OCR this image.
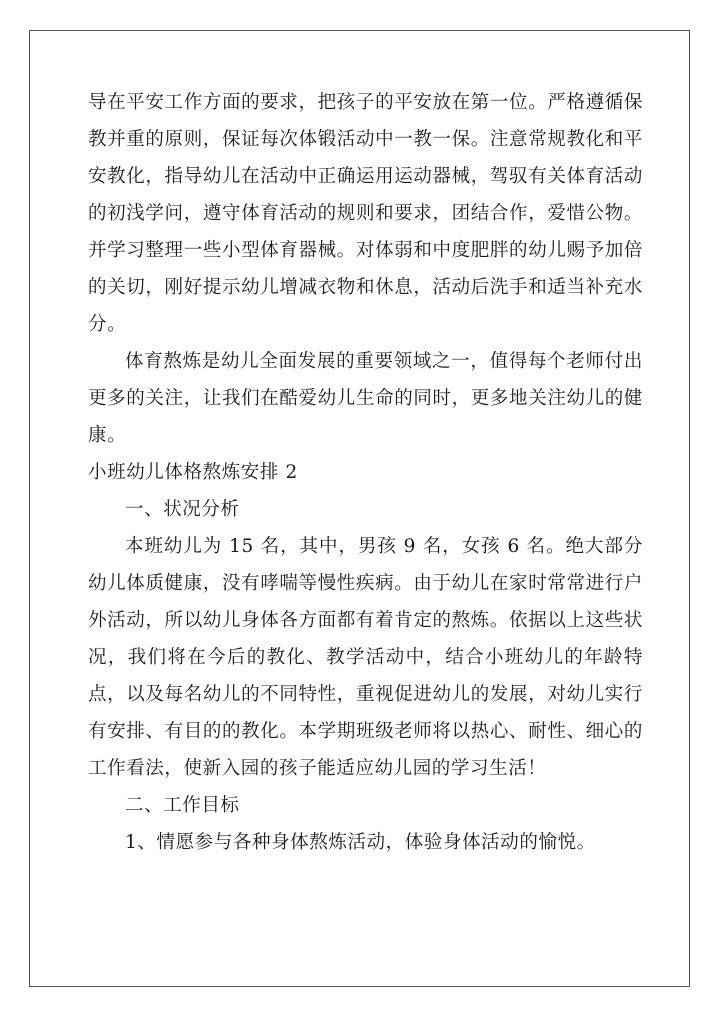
导在平安工作方面的要求，把孩子的平安放在第一位。严格遵循保教并重的原则，保证每次体锻活动中一教一保。注意常规教化和平安教化，指导幼儿在活动中正确运用运动器械，驾驭有关体育活动的初浅学问，遵守体育活动的规则和要求，团结合作，爱惜公物。并学习整理一些小型体育器械。对体弱和中度肥胖的幼儿赐予加倍的关切，刚好提示幼儿增减衣物和休息，活动后洗手和适当补充水分。

体育熬炼是幼儿全面发展的重要领域之一，值得每个老师付出更多的关注，让我们在酷爱幼儿生命的同时，更多地关注幼儿的健康。

小班幼儿体格熬炼安排 2

一、状况分析

本班幼儿为 15 名，其中，男孩 9 名，女孩 6 名。绝大部分幼儿体质健康，没有哮喘等慢性疾病。由于幼儿在家时常常进行户外活动，所以幼儿身体各方面都有着肯定的熬炼。依据以上这些状况，我们将在今后的教化、教学活动中，结合小班幼儿的年龄特点，以及每名幼儿的不同特性，重视促进幼儿的发展，对幼儿实行有安排、有目的的教化。本学期班级老师将以热心、耐性、细心的工作看法，使新入园的孩子能适应幼儿园的学习生活！

二、工作目标

1、情愿参与各种身体熬炼活动，体验身体活动的愉悦。
